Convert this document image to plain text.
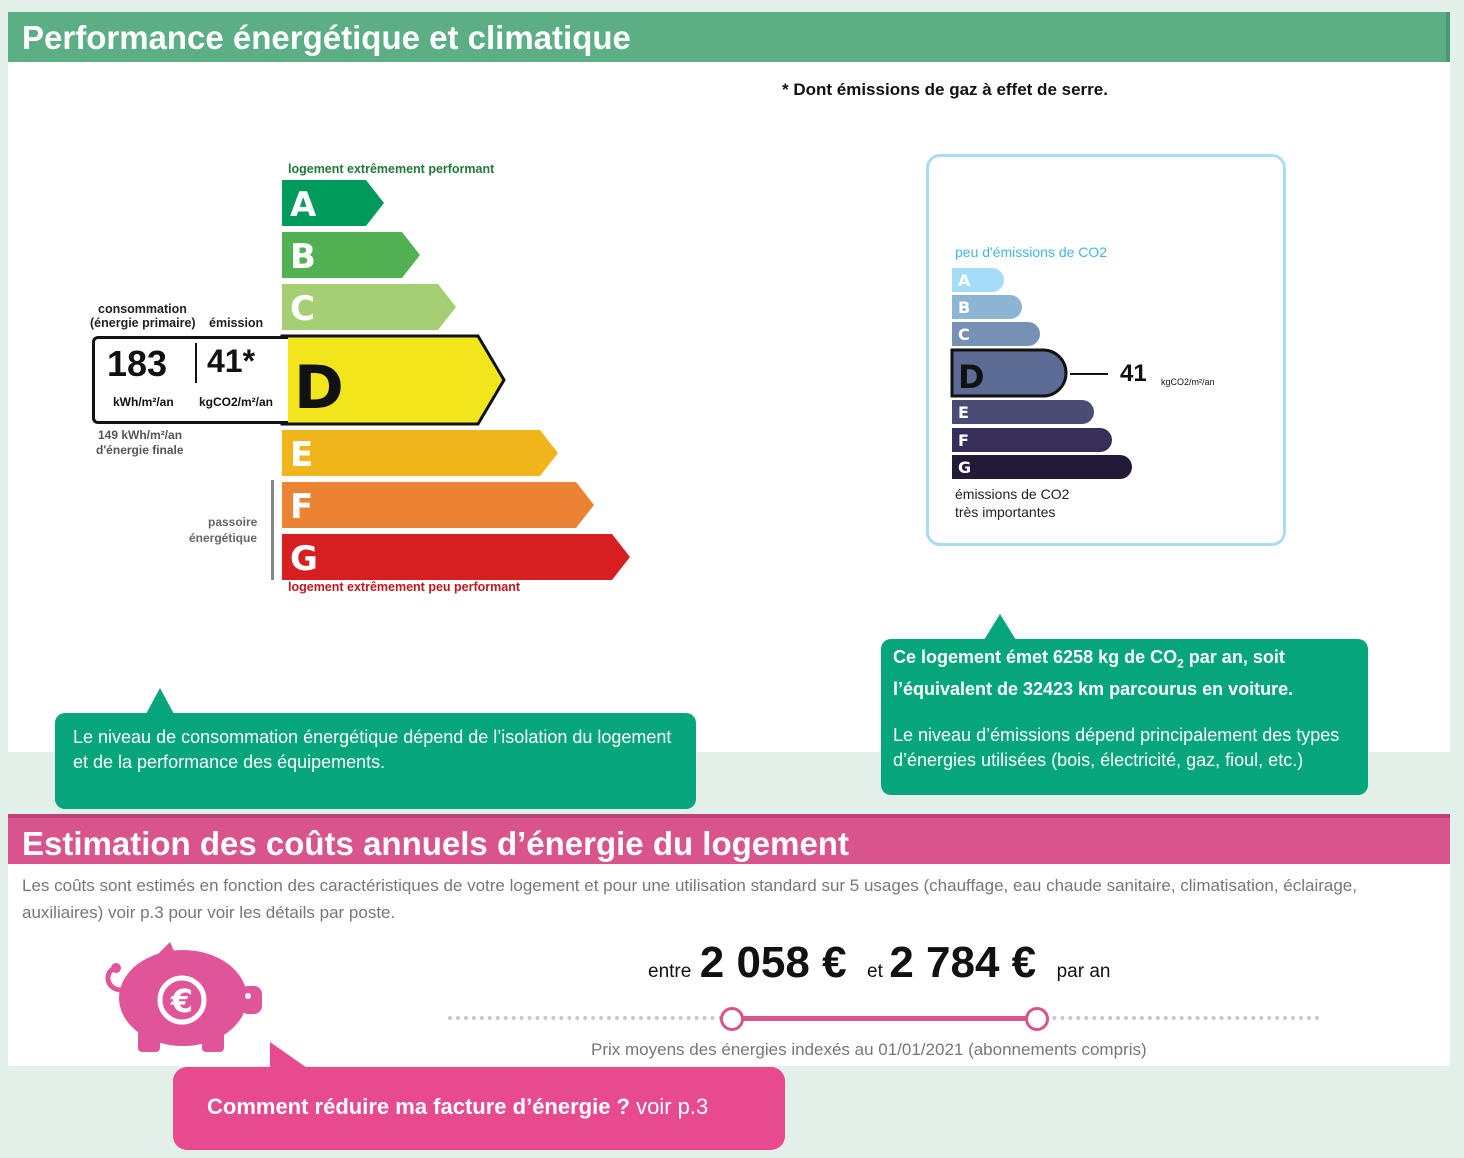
Performance énergétique et climatique
* Dont émissions de gaz à effet de serre.
logement extrêmement performant
A
B
C
D
E
F
G
logement extrêmement peu performant
consommation
(énergie primaire) émission
183 41*
kWh/m²/an kgCO2/m²/an
149 kWh/m²/an
d'énergie finale
passoire
énergétique
peu d'émissions de CO2
A
B
C
D
E
F
G
41 kgCO2/m²/an
émissions de CO2
très importantes
Le niveau de consommation énergétique dépend de l’isolation du logement et de la performance des équipements.
Ce logement émet 6258 kg de $CO_2$ par an, soit
l’équivalent de 32423 km parcourus en voiture.
Le niveau d’émissions dépend principalement des types d’énergies utilisées (bois, électricité, gaz, fioul, etc.)
Estimation des coûts annuels d’énergie du logement
Les coûts sont estimés en fonction des caractéristiques de votre logement et pour une utilisation standard sur 5 usages (chauffage, eau chaude sanitaire, climatisation, éclairage, auxiliaires) voir p.3 pour voir les détails par poste.
€
entre 2 058 € et 2 784 € par an
Prix moyens des énergies indexés au 01/01/2021 (abonnements compris)
Comment réduire ma facture d’énergie ? voir p.3
